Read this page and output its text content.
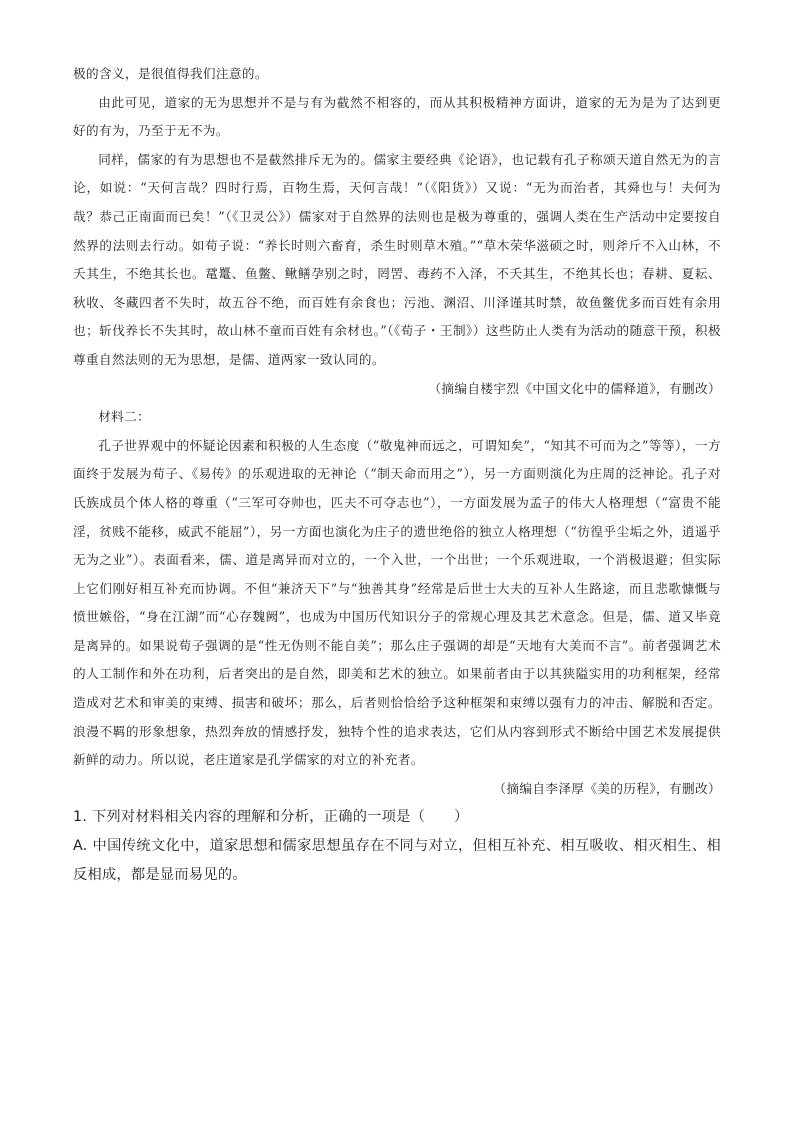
极的含义，是很值得我们注意的。

由此可见，道家的无为思想并不是与有为截然不相容的，而从其积极精神方面讲，道家的无为是为了达到更好的有为，乃至于无不为。

同样，儒家的有为思想也不是截然排斥无为的。儒家主要经典《论语》，也记载有孔子称颂天道自然无为的言论，如说：“天何言哉？四时行焉，百物生焉，天何言哉！”（《阳货》）又说：“无为而治者，其舜也与！夫何为哉？恭己正南面而已矣！”（《卫灵公》）儒家对于自然界的法则也是极为尊重的，强调人类在生产活动中定要按自然界的法则去行动。如荀子说：“养长时则六畜育，杀生时则草木殖。”“草木荣华滋硕之时，则斧斤不入山林，不夭其生，不绝其长也。鼋鼍、鱼鳖、鳅鳝孕别之时，罔罟、毒药不入泽，不夭其生，不绝其长也；春耕、夏耘、秋收、冬藏四者不失时，故五谷不绝，而百姓有余食也；污池、渊沼、川泽谨其时禁，故鱼鳖优多而百姓有余用也；斩伐养长不失其时，故山林不童而百姓有余材也。”（《荀子・王制》）这些防止人类有为活动的随意干预，积极尊重自然法则的无为思想，是儒、道两家一致认同的。

（摘编自楼宇烈《中国文化中的儒释道》，有删改）

材料二：

孔子世界观中的怀疑论因素和积极的人生态度（“敬鬼神而远之，可谓知矣”，“知其不可而为之”等等），一方面终于发展为荀子、《易传》的乐观进取的无神论（“制天命而用之”），另一方面则演化为庄周的泛神论。孔子对氏族成员个体人格的尊重（“三军可夺帅也，匹夫不可夺志也”），一方面发展为孟子的伟大人格理想（“富贵不能淫，贫贱不能移，威武不能屈”），另一方面也演化为庄子的遗世绝俗的独立人格理想（“彷徨乎尘垢之外，逍遥乎无为之业”）。表面看来，儒、道是离异而对立的，一个入世，一个出世；一个乐观进取，一个消极退避；但实际上它们刚好相互补充而协调。不但“兼济天下”与“独善其身”经常是后世士大夫的互补人生路途，而且悲歌慷慨与愤世嫉俗，“身在江湖”而“心存魏阙”，也成为中国历代知识分子的常规心理及其艺术意念。但是，儒、道又毕竟是离异的。如果说荀子强调的是“性无伪则不能自美”；那么庄子强调的却是“天地有大美而不言”。前者强调艺术的人工制作和外在功利，后者突出的是自然，即美和艺术的独立。如果前者由于以其狭隘实用的功利框架，经常造成对艺术和审美的束缚、损害和破坏；那么，后者则恰恰给予这种框架和束缚以强有力的冲击、解脱和否定。浪漫不羁的形象想象，热烈奔放的情感抒发，独特个性的追求表达，它们从内容到形式不断给中国艺术发展提供新鲜的动力。所以说，老庄道家是孔学儒家的对立的补充者。

（摘编自李泽厚《美的历程》，有删改）

1. 下列对材料相关内容的理解和分析，正确的一项是（　　）

A. 中国传统文化中，道家思想和儒家思想虽存在不同与对立，但相互补充、相互吸收、相灭相生、相反相成，都是显而易见的。
